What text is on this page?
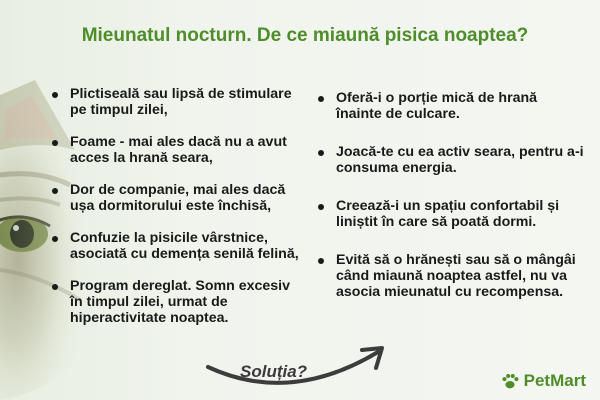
Mieunatul nocturn. De ce miaună pisica noaptea?
Plictiseală sau lipsă de stimulare pe timpul zilei,
Foame - mai ales dacă nu a avut acces la hrană seara,
Dor de companie, mai ales dacă ușa dormitorului este închisă,
Confuzie la pisicile vârstnice, asociată cu demența senilă felină,
Program dereglat. Somn excesiv în timpul zilei, urmat de hiperactivitate noaptea.
Oferă-i o porție mică de hrană înainte de culcare.
Joacă-te cu ea activ seara, pentru a-i consuma energia.
Creează-i un spațiu confortabil și liniștit în care să poată dormi.
Evită să o hrănești sau să o mângâi când miaună noaptea astfel, nu va asocia mieunatul cu recompensa.
Soluția?	PetMart
